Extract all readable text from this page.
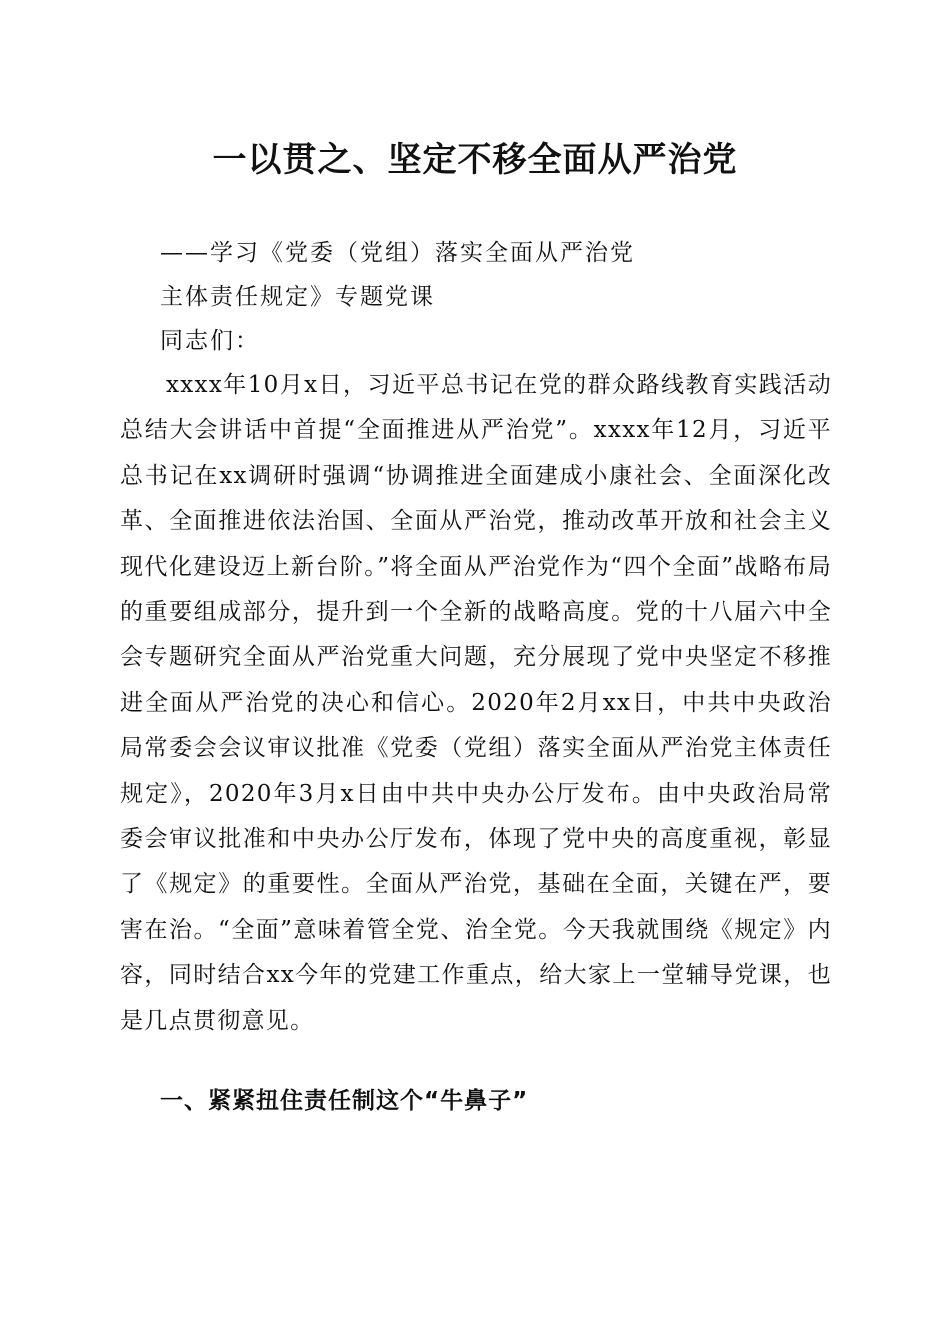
一以贯之、坚定不移全面从严治党

——学习《党委（党组）落实全面从严治党

主体责任规定》专题党课

同志们：

xxxx年10月x日，习近平总书记在党的群众路线教育实践活动总结大会讲话中首提“全面推进从严治党”。xxxx年12月，习近平总书记在xx调研时强调“协调推进全面建成小康社会、全面深化改革、全面推进依法治国、全面从严治党，推动改革开放和社会主义现代化建设迈上新台阶。”将全面从严治党作为“四个全面”战略布局的重要组成部分，提升到一个全新的战略高度。党的十八届六中全会专题研究全面从严治党重大问题，充分展现了党中央坚定不移推进全面从严治党的决心和信心。2020年2月xx日，中共中央政治局常委会会议审议批准《党委（党组）落实全面从严治党主体责任规定》，2020年3月x日由中共中央办公厅发布。由中央政治局常委会审议批准和中央办公厅发布，体现了党中央的高度重视，彰显了《规定》的重要性。全面从严治党，基础在全面，关键在严，要害在治。“全面”意味着管全党、治全党。今天我就围绕《规定》内容，同时结合xx今年的党建工作重点，给大家上一堂辅导党课，也是几点贯彻意见。

一、紧紧扭住责任制这个“牛鼻子”
